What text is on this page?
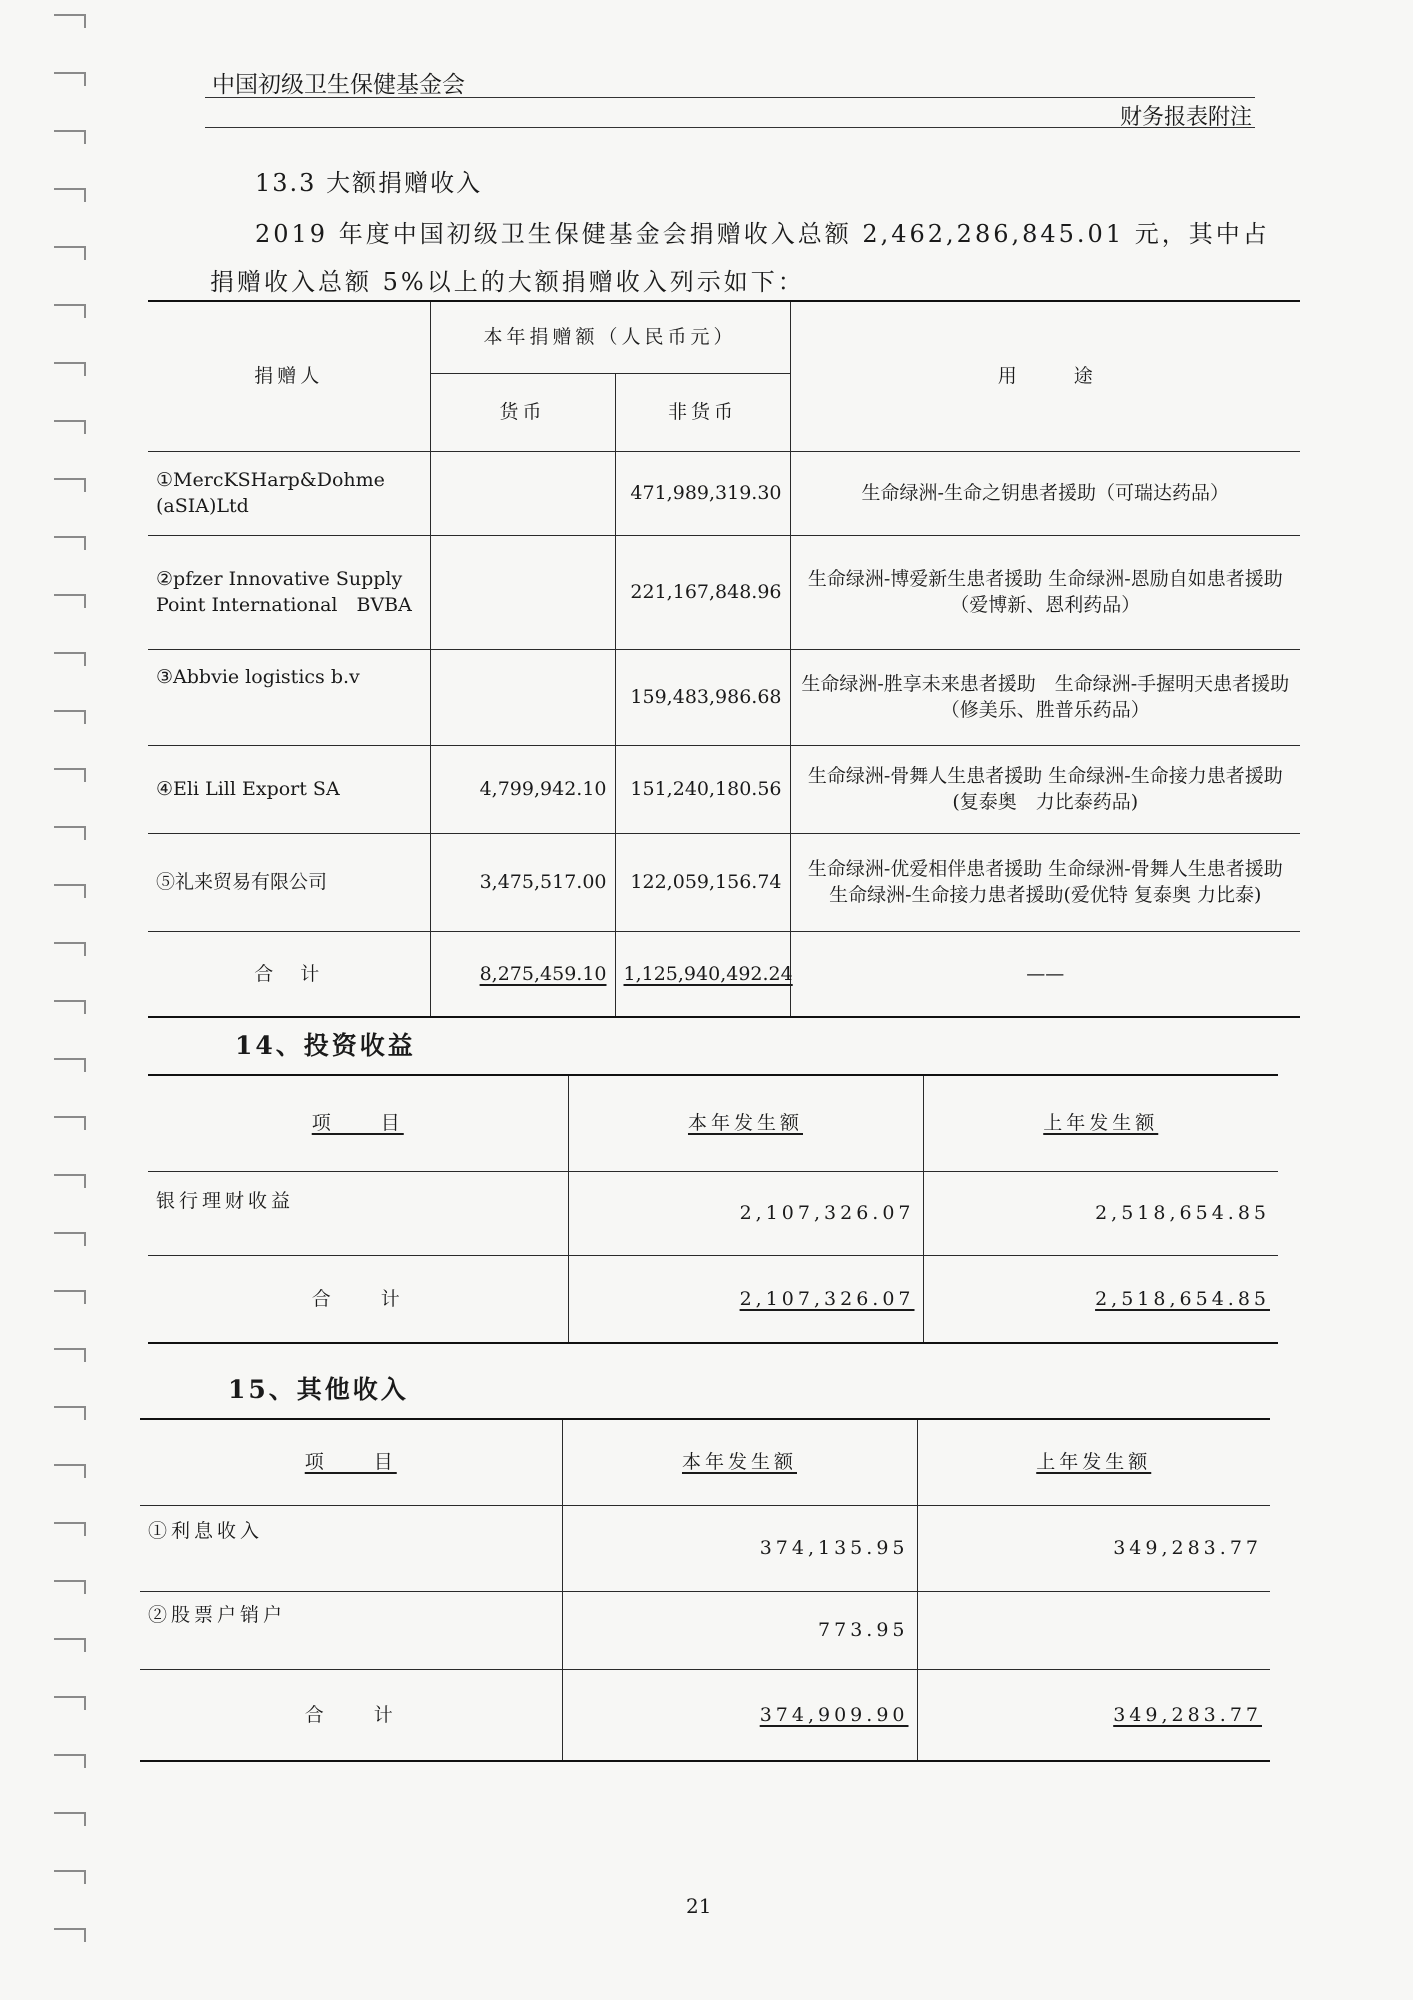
中国初级卫生保健基金会
财务报表附注
13.3 大额捐赠收入
2019 年度中国初级卫生保健基金会捐赠收入总额 2,462,286,845.01 元，其中占
捐赠收入总额 5%以上的大额捐赠收入列示如下：
捐赠人	本年捐赠额（人民币元）		用　　　途
	货币	非货币	
①MercKSHarp&Dohme (aSIA)Ltd		471,989,319.30	生命绿洲-生命之钥患者援助（可瑞达药品）
②pfzer Innovative Supply Point International　BVBA		221,167,848.96	生命绿洲-博爱新生患者援助 生命绿洲-恩励自如患者援助（爱博新、恩利药品）
③Abbvie logistics b.v		159,483,986.68	生命绿洲-胜享未来患者援助　生命绿洲-手握明天患者援助（修美乐、胜普乐药品）
④Eli Lill Export SA	4,799,942.10	151,240,180.56	生命绿洲-骨舞人生患者援助 生命绿洲-生命接力患者援助　(复泰奥　力比泰药品)
⑤礼来贸易有限公司	3,475,517.00	122,059,156.74	生命绿洲-优爱相伴患者援助 生命绿洲-骨舞人生患者援助 生命绿洲-生命接力患者援助(爱优特 复泰奥 力比泰)
合　计	8,275,459.10	1,125,940,492.24	——
14、投资收益
项　　目	本年发生额	上年发生额
银行理财收益	2,107,326.07	2,518,654.85
合　　计	2,107,326.07	2,518,654.85
15、其他收入
项　　目	本年发生额	上年发生额
①利息收入	374,135.95	349,283.77
②股票户销户	773.95	
合　　计	374,909.90	349,283.77
21
